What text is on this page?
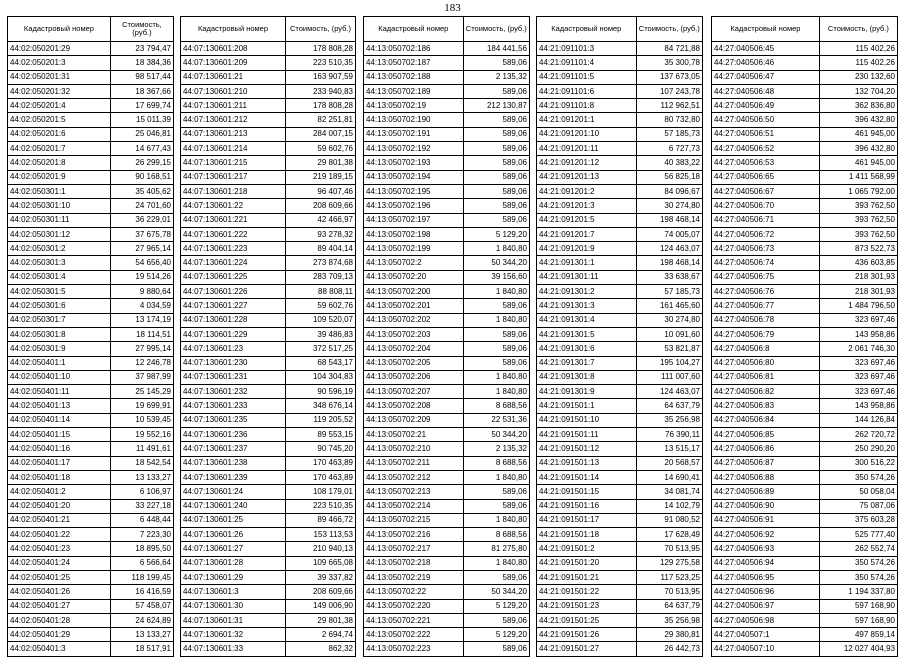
183
Кадастровый номер	Стоимость, (руб.)
44:02:050201:29	23 794,47
44:02:050201:3	18 384,36
44:02:050201:31	98 517,44
44:02:050201:32	18 367,66
44:02:050201:4	17 699,74
44:02:050201:5	15 011,39
44:02:050201:6	25 046,81
44:02:050201:7	14 677,43
44:02:050201:8	26 299,15
44:02:050201:9	90 168,51
44:02:050301:1	35 405,62
44:02:050301:10	24 701,60
44:02:050301:11	36 229,01
44:02:050301:12	37 675,78
44:02:050301:2	27 965,14
44:02:050301:3	54 656,40
44:02:050301:4	19 514,26
44:02:050301:5	9 880,64
44:02:050301:6	4 034,59
44:02:050301:7	13 174,19
44:02:050301:8	18 114,51
44:02:050301:9	27 995,14
44:02:050401:1	12 246,78
44:02:050401:10	37 987,99
44:02:050401:11	25 145,29
44:02:050401:13	19 699,91
44:02:050401:14	10 539,45
44:02:050401:15	19 552,16
44:02:050401:16	11 491,61
44:02:050401:17	18 542,54
44:02:050401:18	13 133,27
44:02:050401:2	6 106,97
44:02:050401:20	33 227,18
44:02:050401:21	6 448,44
44:02:050401:22	7 223,30
44:02:050401:23	18 895,50
44:02:050401:24	6 566,64
44:02:050401:25	118 199,45
44:02:050401:26	16 416,59
44:02:050401:27	57 458,07
44:02:050401:28	24 624,89
44:02:050401:29	13 133,27
44:02:050401:3	18 517,91
Кадастровый номер	Стоимость, (руб.)
44:07:130601:208	178 808,28
44:07:130601:209	223 510,35
44:07:130601:21	163 907,59
44:07:130601:210	233 940,83
44:07:130601:211	178 808,28
44:07:130601:212	82 251,81
44:07:130601:213	284 007,15
44:07:130601:214	59 602,76
44:07:130601:215	29 801,38
44:07:130601:217	219 189,15
44:07:130601:218	96 407,46
44:07:130601:22	208 609,66
44:07:130601:221	42 466,97
44:07:130601:222	93 278,32
44:07:130601:223	89 404,14
44:07:130601:224	273 874,68
44:07:130601:225	283 709,13
44:07:130601:226	88 808,11
44:07:130601:227	59 602,76
44:07:130601:228	109 520,07
44:07:130601:229	39 486,83
44:07:130601:23	372 517,25
44:07:130601:230	68 543,17
44:07:130601:231	104 304,83
44:07:130601:232	90 596,19
44:07:130601:233	348 676,14
44:07:130601:235	119 205,52
44:07:130601:236	89 553,15
44:07:130601:237	90 745,20
44:07:130601:238	170 463,89
44:07:130601:239	170 463,89
44:07:130601:24	108 179,01
44:07:130601:240	223 510,35
44:07:130601:25	89 466,72
44:07:130601:26	153 113,53
44:07:130601:27	210 940,13
44:07:130601:28	109 665,08
44:07:130601:29	39 337,82
44:07:130601:3	208 609,66
44:07:130601:30	149 006,90
44:07:130601:31	29 801,38
44:07:130601:32	2 694,74
44:07:130601:33	862,32
Кадастровый номер	Стоимость, (руб.)
44:13:050702:186	184 441,56
44:13:050702:187	589,06
44:13:050702:188	2 135,32
44:13:050702:189	589,06
44:13:050702:19	212 130,87
44:13:050702:190	589,06
44:13:050702:191	589,06
44:13:050702:192	589,06
44:13:050702:193	589,06
44:13:050702:194	589,06
44:13:050702:195	589,06
44:13:050702:196	589,06
44:13:050702:197	589,06
44:13:050702:198	5 129,20
44:13:050702:199	1 840,80
44:13:050702:2	50 344,20
44:13:050702:20	39 156,60
44:13:050702:200	1 840,80
44:13:050702:201	589,06
44:13:050702:202	1 840,80
44:13:050702:203	589,06
44:13:050702:204	589,06
44:13:050702:205	589,06
44:13:050702:206	1 840,80
44:13:050702:207	1 840,80
44:13:050702:208	8 688,56
44:13:050702:209	22 531,36
44:13:050702:21	50 344,20
44:13:050702:210	2 135,32
44:13:050702:211	8 688,56
44:13:050702:212	1 840,80
44:13:050702:213	589,06
44:13:050702:214	589,06
44:13:050702:215	1 840,80
44:13:050702:216	8 688,56
44:13:050702:217	81 275,80
44:13:050702:218	1 840,80
44:13:050702:219	589,06
44:13:050702:22	50 344,20
44:13:050702:220	5 129,20
44:13:050702:221	589,06
44:13:050702:222	5 129,20
44:13:050702:223	589,06
Кадастровый номер	Стоимость, (руб.)
44:21:091101:3	84 721,88
44:21:091101:4	35 300,78
44:21:091101:5	137 673,05
44:21:091101:6	107 243,78
44:21:091101:8	112 962,51
44:21:091201:1	80 732,80
44:21:091201:10	57 185,73
44:21:091201:11	6 727,73
44:21:091201:12	40 383,22
44:21:091201:13	56 825,18
44:21:091201:2	84 096,67
44:21:091201:3	30 274,80
44:21:091201:5	198 468,14
44:21:091201:7	74 005,07
44:21:091201:9	124 463,07
44:21:091301:1	198 468,14
44:21:091301:11	33 638,67
44:21:091301:2	57 185,73
44:21:091301:3	161 465,60
44:21:091301:4	30 274,80
44:21:091301:5	10 091,60
44:21:091301:6	53 821,87
44:21:091301:7	195 104,27
44:21:091301:8	111 007,60
44:21:091301:9	124 463,07
44:21:091501:1	64 637,79
44:21:091501:10	35 256,98
44:21:091501:11	76 390,11
44:21:091501:12	13 515,17
44:21:091501:13	20 568,57
44:21:091501:14	14 690,41
44:21:091501:15	34 081,74
44:21:091501:16	14 102,79
44:21:091501:17	91 080,52
44:21:091501:18	17 628,49
44:21:091501:2	70 513,95
44:21:091501:20	129 275,58
44:21:091501:21	117 523,25
44:21:091501:22	70 513,95
44:21:091501:23	64 637,79
44:21:091501:25	35 256,98
44:21:091501:26	29 380,81
44:21:091501:27	26 442,73
Кадастровый номер	Стоимость, (руб.)
44:27:040506:45	115 402,26
44:27:040506:46	115 402,26
44:27:040506:47	230 132,60
44:27:040506:48	132 704,20
44:27:040506:49	362 836,80
44:27:040506:50	396 432,80
44:27:040506:51	461 945,00
44:27:040506:52	396 432,80
44:27:040506:53	461 945,00
44:27:040506:65	1 411 568,99
44:27:040506:67	1 065 792,00
44:27:040506:70	393 762,50
44:27:040506:71	393 762,50
44:27:040506:72	393 762,50
44:27:040506:73	873 522,73
44:27:040506:74	436 603,85
44:27:040506:75	218 301,93
44:27:040506:76	218 301,93
44:27:040506:77	1 484 796,50
44:27:040506:78	323 697,46
44:27:040506:79	143 958,86
44:27:040506:8	2 061 746,30
44:27:040506:80	323 697,46
44:27:040506:81	323 697,46
44:27:040506:82	323 697,46
44:27:040506:83	143 958,86
44:27:040506:84	144 126,84
44:27:040506:85	262 720,72
44:27:040506:86	250 290,20
44:27:040506:87	300 516,22
44:27:040506:88	350 574,26
44:27:040506:89	50 058,04
44:27:040506:90	75 087,06
44:27:040506:91	375 603,28
44:27:040506:92	525 777,40
44:27:040506:93	262 552,74
44:27:040506:94	350 574,26
44:27:040506:95	350 574,26
44:27:040506:96	1 194 337,80
44:27:040506:97	597 168,90
44:27:040506:98	597 168,90
44:27:040507:1	497 859,14
44:27:040507:10	12 027 404,93
